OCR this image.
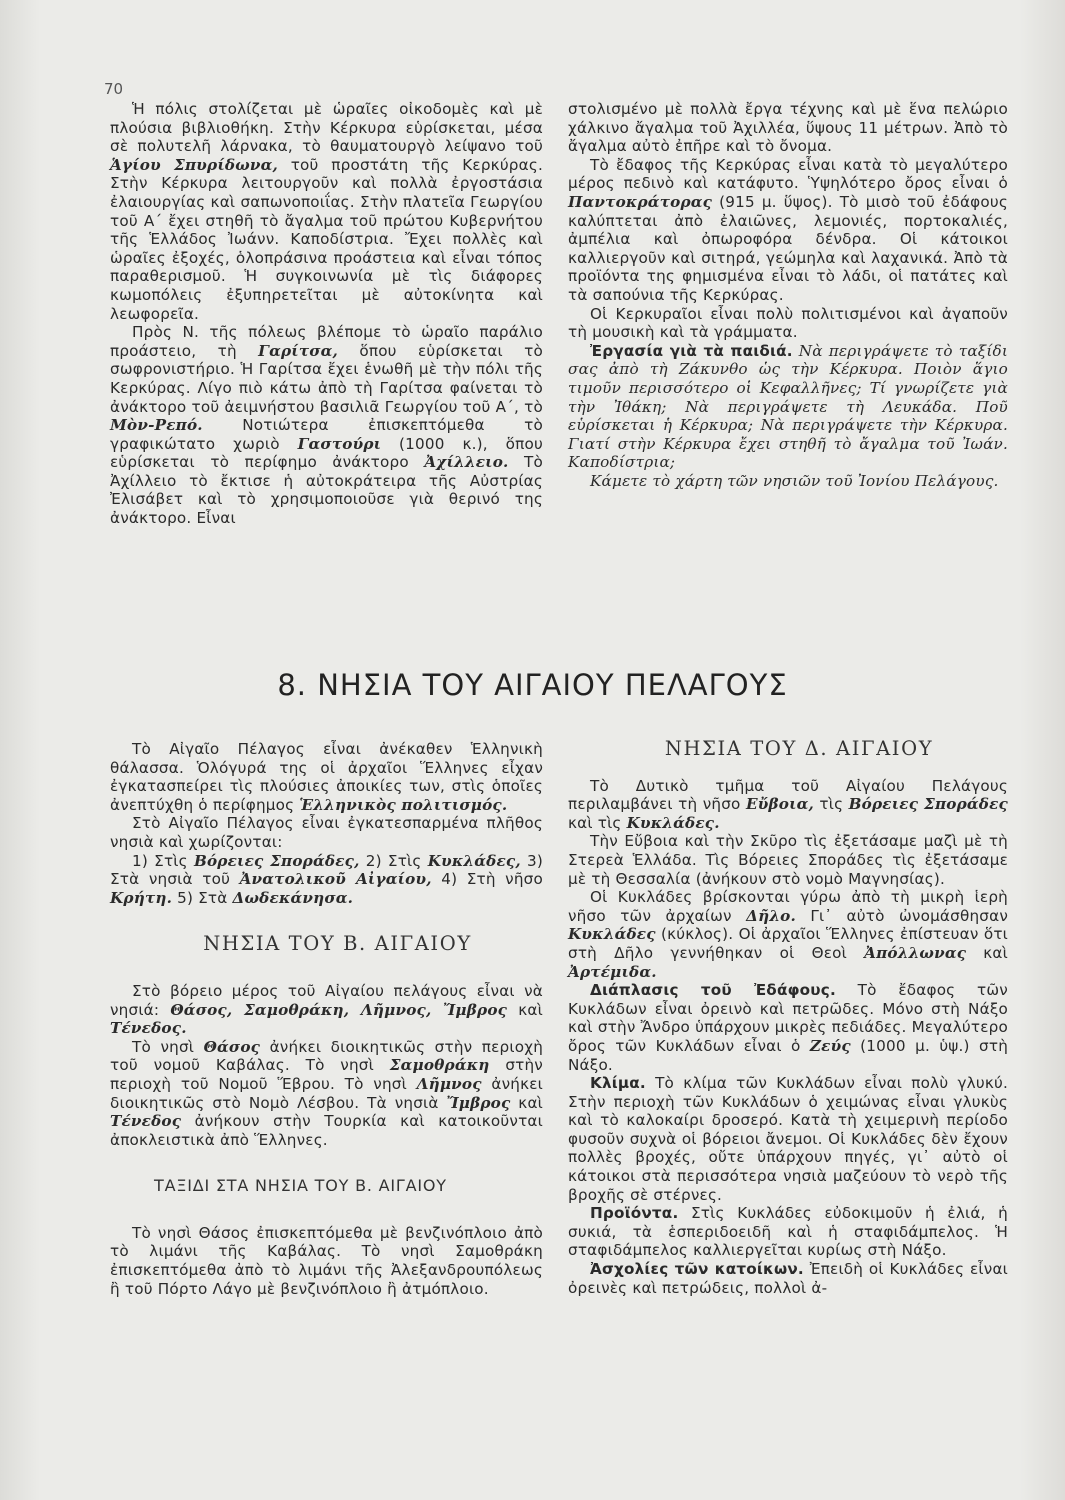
70

Ἡ πόλις στολίζεται μὲ ὡραῖες οἰκοδομὲς καὶ μὲ πλούσια βιβλιοθήκη. Στὴν Κέρκυρα εὑρίσκεται, μέσα σὲ πολυτελῆ λάρνακα, τὸ θαυματουργὸ λείψανο τοῦ Ἁγίου Σπυρίδωνα, τοῦ προστάτη τῆς Κερκύρας. Στὴν Κέρκυρα λειτουργοῦν καὶ πολλὰ ἐργοστάσια ἐλαιουργίας καὶ σαπωνοποιΐας. Στὴν πλατεῖα Γεωργίου τοῦ Α΄ ἔχει στηθῆ τὸ ἄγαλμα τοῦ πρώτου Κυβερνήτου τῆς Ἑλλάδος Ἰωάνν. Καποδίστρια. Ἔχει πολλὲς καὶ ὡραῖες ἐξοχές, ὁλοπράσινα προάστεια καὶ εἶναι τόπος παραθερισμοῦ. Ἡ συγκοινωνία μὲ τὶς διάφορες κωμοπόλεις ἐξυπηρετεῖται μὲ αὐτοκίνητα καὶ λεωφορεῖα.

Πρὸς Ν. τῆς πόλεως βλέπομε τὸ ὡραῖο παράλιο προάστειο, τὴ Γαρίτσα, ὅπου εὑρίσκεται τὸ σωφρονιστήριο. Ἡ Γαρίτσα ἔχει ἑνωθῆ μὲ τὴν πόλι τῆς Κερκύρας. Λίγο πιὸ κάτω ἀπὸ τὴ Γαρίτσα φαίνεται τὸ ἀνάκτορο τοῦ ἀειμνήστου βασιλιᾶ Γεωργίου τοῦ Α΄, τὸ Μὸν-Ρεπό.	Νοτιώτερα ἐπισκεπτόμεθα τὸ γραφικώτατο χωριὸ Γαστούρι (1000 κ.), ὅπου εὑρίσκεται τὸ περίφημο ἀνάκτορο Ἀχίλλειο. Τὸ Ἀχίλλειο τὸ ἔκτισε ἡ αὐτοκράτειρα τῆς Αὐστρίας Ἐλισάβετ καὶ τὸ χρησιμοποιοῦσε γιὰ θερινό της ἀνάκτορο. Εἶναι

στολισμένο μὲ πολλὰ ἔργα τέχνης καὶ μὲ ἕνα πελώριο χάλκινο ἄγαλμα τοῦ Ἀχιλλέα, ὕψους 11 μέτρων. Ἀπὸ τὸ ἄγαλμα αὐτὸ ἐπῆρε καὶ τὸ ὄνομα.

Τὸ ἔδαφος τῆς Κερκύρας εἶναι κατὰ τὸ μεγαλύτερο μέρος πεδινὸ καὶ κατάφυτο. Ὑψηλότερο ὄρος εἶναι ὁ Παντοκράτορας (915 μ. ὕψος). Τὸ μισὸ τοῦ ἐδάφους καλύπτεται ἀπὸ ἐλαιῶνες, λεμονιές, πορτοκαλιές, ἀμπέλια καὶ ὀπωροφόρα δένδρα. Οἱ κάτοικοι καλλιεργοῦν καὶ σιτηρά, γεώμηλα καὶ λαχανικά. Ἀπὸ τὰ προϊόντα της φημισμένα εἶναι τὸ λάδι, οἱ πατάτες καὶ τὰ σαπούνια τῆς Κερκύρας.

Οἱ Κερκυραῖοι εἶναι πολὺ πολιτισμένοι καὶ ἀγαποῦν τὴ μουσικὴ καὶ τὰ γράμματα.

Ἐργασία γιὰ τὰ παιδιά. Νὰ περιγράψετε τὸ ταξίδι σας ἀπὸ τὴ Ζάκυνθο ὡς τὴν Κέρκυρα. Ποιὸν ἅγιο τιμοῦν περισσότερο οἱ Κεφαλλῆνες; Τί γνωρίζετε γιὰ τὴν Ἰθάκη; Νὰ περιγράψετε τὴ Λευκάδα. Ποῦ εὑρίσκεται ἡ Κέρκυρα; Νὰ περιγράψετε τὴν Κέρκυρα. Γιατί στὴν Κέρκυρα ἔχει στηθῆ τὸ ἄγαλμα τοῦ Ἰωάν. Καποδίστρια;

Κάμετε τὸ χάρτη τῶν νησιῶν τοῦ Ἰονίου Πελάγους.

8. ΝΗΣΙΑ ΤΟΥ ΑΙΓΑΙΟΥ ΠΕΛΑΓΟΥΣ

Τὸ Αἰγαῖο Πέλαγος εἶναι ἀνέκαθεν Ἑλληνικὴ θάλασσα. Ὁλόγυρά της οἱ ἀρχαῖοι Ἕλληνες εἶχαν ἐγκατασπείρει τὶς πλούσιες ἀποικίες των, στὶς ὁποῖες ἀνεπτύχθη ὁ περίφημος Ἑλληνικὸς πολιτισμός.

Στὸ Αἰγαῖο Πέλαγος εἶναι ἐγκατεσπαρμένα πλῆθος νησιὰ καὶ χωρίζονται:

1) Στὶς Βόρειες Σποράδες, 2) Στὶς Κυκλάδες, 3) Στὰ νησιὰ τοῦ Ἀνατολικοῦ Αἰγαίου, 4) Στὴ νῆσο Κρήτη. 5) Στὰ Δωδεκάνησα.

ΝΗΣΙΑ ΤΟΥ Β. ΑΙΓΑΙΟΥ

Στὸ βόρειο μέρος τοῦ Αἰγαίου πελάγους εἶναι νὰ νησιά: Θάσος, Σαμοθράκη, Λῆμνος, Ἴμβρος καὶ Τένεδος.

Τὸ νησὶ Θάσος ἀνήκει διοικητικῶς στὴν περιοχὴ τοῦ νομοῦ Καβάλας. Τὸ νησὶ Σαμοθράκη στὴν περιοχὴ τοῦ Νομοῦ Ἕβρου. Τὸ νησὶ Λῆμνος ἀνήκει διοικητικῶς στὸ Νομὸ Λέσβου. Τὰ νησιὰ Ἴμβρος καὶ Τένεδος ἀνήκουν στὴν Τουρκία καὶ κατοικοῦνται ἀποκλειστικὰ ἀπὸ Ἕλληνες.

ΤΑΞΙΔΙ ΣΤΑ ΝΗΣΙΑ ΤΟΥ Β. ΑΙΓΑΙΟΥ

Τὸ νησὶ Θάσος ἐπισκεπτόμεθα μὲ βενζινόπλοιο ἀπὸ τὸ λιμάνι τῆς Καβάλας. Τὸ νησὶ Σαμοθράκη ἐπισκεπτόμεθα ἀπὸ τὸ λιμάνι τῆς Ἀλεξανδρουπόλεως ἢ τοῦ Πόρτο Λάγο μὲ βενζινόπλοιο ἢ ἀτμόπλοιο.

ΝΗΣΙΑ ΤΟΥ Δ. ΑΙΓΑΙΟΥ

Τὸ Δυτικὸ τμῆμα τοῦ Αἰγαίου Πελάγους περιλαμβάνει τὴ νῆσο Εὔβοια, τὶς Βόρειες Σποράδες καὶ τὶς Κυκλάδες.

Τὴν Εὔβοια καὶ τὴν Σκῦρο τὶς ἐξετάσαμε μαζὶ μὲ τὴ Στερεὰ Ἑλλάδα. Τὶς Βόρειες Σποράδες τὶς ἐξετάσαμε μὲ τὴ Θεσσαλία (ἀνήκουν στὸ νομὸ Μαγνησίας).

Οἱ Κυκλάδες βρίσκονται γύρω ἀπὸ τὴ μικρὴ ἱερὴ νῆσο τῶν ἀρχαίων Δῆλο. Γι᾽ αὐτὸ ὠνομάσθησαν Κυκλάδες (κύκλος). Οἱ ἀρχαῖοι Ἕλληνες ἐπίστευαν ὅτι στὴ Δῆλο γεννήθηκαν οἱ Θεοὶ Ἀπόλλωνας καὶ Ἀρτέμιδα.

Διάπλασις τοῦ Ἐδάφους. Τὸ ἔδαφος τῶν Κυκλάδων εἶναι ὀρεινὸ καὶ πετρῶδες. Μόνο στὴ Νάξο καὶ στὴν Ἄνδρο ὑπάρχουν μικρὲς πεδιάδες. Μεγαλύτερο ὄρος τῶν Κυκλάδων εἶναι ὁ Ζεύς (1000 μ. ὑψ.) στὴ Νάξο.

Κλίμα. Τὸ κλίμα τῶν Κυκλάδων εἶναι πολὺ γλυκύ. Στὴν περιοχὴ τῶν Κυκλάδων ὁ χειμώνας εἶναι γλυκὺς καὶ τὸ καλοκαίρι δροσερό. Κατὰ τὴ χειμερινὴ περίοδο φυσοῦν συχνὰ οἱ βόρειοι ἄνεμοι. Οἱ Κυκλάδες δὲν ἔχουν πολλὲς βροχές, οὔτε ὑπάρχουν πηγές, γι᾽ αὐτὸ οἱ κάτοικοι στὰ περισσότερα νησιὰ μαζεύουν τὸ νερὸ τῆς βροχῆς σὲ στέρνες.

Προϊόντα. Στὶς Κυκλάδες εὐδοκιμοῦν ἡ ἐλιά, ἡ συκιά, τὰ ἑσπεριδοειδῆ καὶ ἡ σταφιδάμπελος. Ἡ σταφιδάμπελος καλλιεργεῖται κυρίως στὴ Νάξο.

Ἀσχολίες τῶν κατοίκων. Ἐπειδὴ οἱ Κυκλάδες εἶναι ὀρεινὲς καὶ πετρώδεις, πολλοὶ ἀ-
